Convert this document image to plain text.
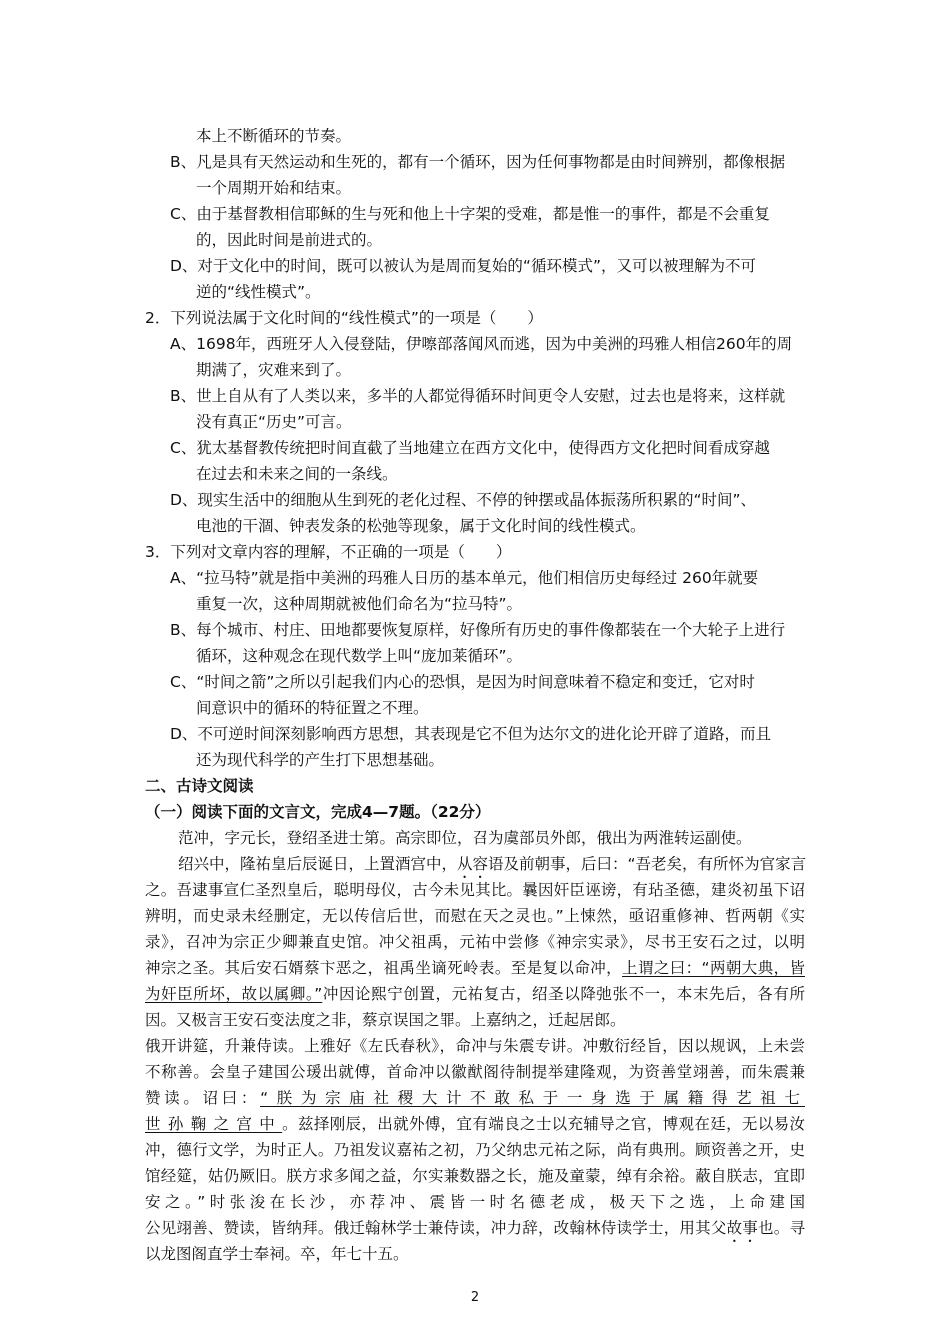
本上不断循环的节奏。
B、凡是具有天然运动和生死的，都有一个循环，因为任何事物都是由时间辨别，都像根据
一个周期开始和结束。
C、由于基督教相信耶稣的生与死和他上十字架的受难，都是惟一的事件，都是不会重复
的，因此时间是前进式的。
D、对于文化中的时间，既可以被认为是周而复始的“循环模式”，又可以被理解为不可
逆的“线性模式”。
2．下列说法属于文化时间的“线性模式”的一项是（　　）
A、1698年，西班牙人入侵登陆，伊嚓部落闻风而逃，因为中美洲的玛雅人相信260年的周
期满了，灾难来到了。
B、世上自从有了人类以来，多半的人都觉得循环时间更令人安慰，过去也是将来，这样就
没有真正“历史”可言。
C、犹太基督教传统把时间直截了当地建立在西方文化中，使得西方文化把时间看成穿越
在过去和未来之间的一条线。
D、现实生活中的细胞从生到死的老化过程、不停的钟摆或晶体振荡所积累的“时间”、
电池的干涸、钟表发条的松弛等现象，属于文化时间的线性模式。
3．下列对文章内容的理解，不正确的一项是（　　）
A、“拉马特”就是指中美洲的玛雅人日历的基本单元，他们相信历史每经过 260年就要
重复一次，这种周期就被他们命名为“拉马特”。
B、每个城市、村庄、田地都要恢复原样，好像所有历史的事件像都装在一个大轮子上进行
循环，这种观念在现代数学上叫“庞加莱循环”。
C、“时间之箭”之所以引起我们内心的恐惧，是因为时间意味着不稳定和变迁，它对时
间意识中的循环的特征置之不理。
D、不可逆时间深刻影响西方思想，其表现是它不但为达尔文的进化论开辟了道路，而且
还为现代科学的产生打下思想基础。
二、古诗文阅读
（一）阅读下面的文言文，完成4—7题。（22分）
范冲，字元长，登绍圣进士第。高宗即位，召为虞部员外郎，俄出为两淮转运副使。
绍兴中，隆祐皇后辰诞日，上置酒宫中，从容语及前朝事，后曰：“吾老矣，有所怀为官家言
之。吾逮事宣仁圣烈皇后，聪明母仪，古今未见其比。曩因奸臣诬谤，有玷圣德，建炎初虽下诏
辨明，而史录未经删定，无以传信后世，而慰在天之灵也。”上悚然，亟诏重修神、哲两朝《实
录》，召冲为宗正少卿兼直史馆。冲父祖禹，元祐中尝修《神宗实录》，尽书王安石之过，以明
神宗之圣。其后安石婿蔡卞恶之，祖禹坐谪死岭表。至是复以命冲，上谓之曰：“两朝大典，皆
为奸臣所坏，故以属卿。”冲因论熙宁创置，元祐复古，绍圣以降弛张不一，本末先后，各有所
因。又极言王安石变法度之非，蔡京误国之罪。上嘉纳之，迁起居郎。
俄开讲筵，升兼侍读。上雅好《左氏春秋》，命冲与朱震专讲。冲敷衍经旨，因以规讽，上未尝
不称善。会皇子建国公瑗出就傅，首命冲以徽猷阁待制提举建隆观，为资善堂翊善，而朱震兼
赞读。诏曰：“朕为宗庙社稷大计不敢私于一身选于属籍得艺祖七
世孙鞠之宫中。兹择刚辰，出就外傅，宜有端良之士以充辅导之官，博观在廷，无以易汝
冲，德行文学，为时正人。乃祖发议嘉祐之初，乃父纳忠元祐之际，尚有典刑。顾资善之开，史
馆经筵，姑仍厥旧。朕方求多闻之益，尔实兼数器之长，施及童蒙，绰有余裕。蔽自朕志，宜即
安之。”时张浚在长沙，亦荐冲、震皆一时名德老成，极天下之选，上命建国
公见翊善、赞读，皆纳拜。俄迁翰林学士兼侍读，冲力辞，改翰林侍读学士，用其父故事也。寻
以龙图阁直学士奉祠。卒，年七十五。
2
